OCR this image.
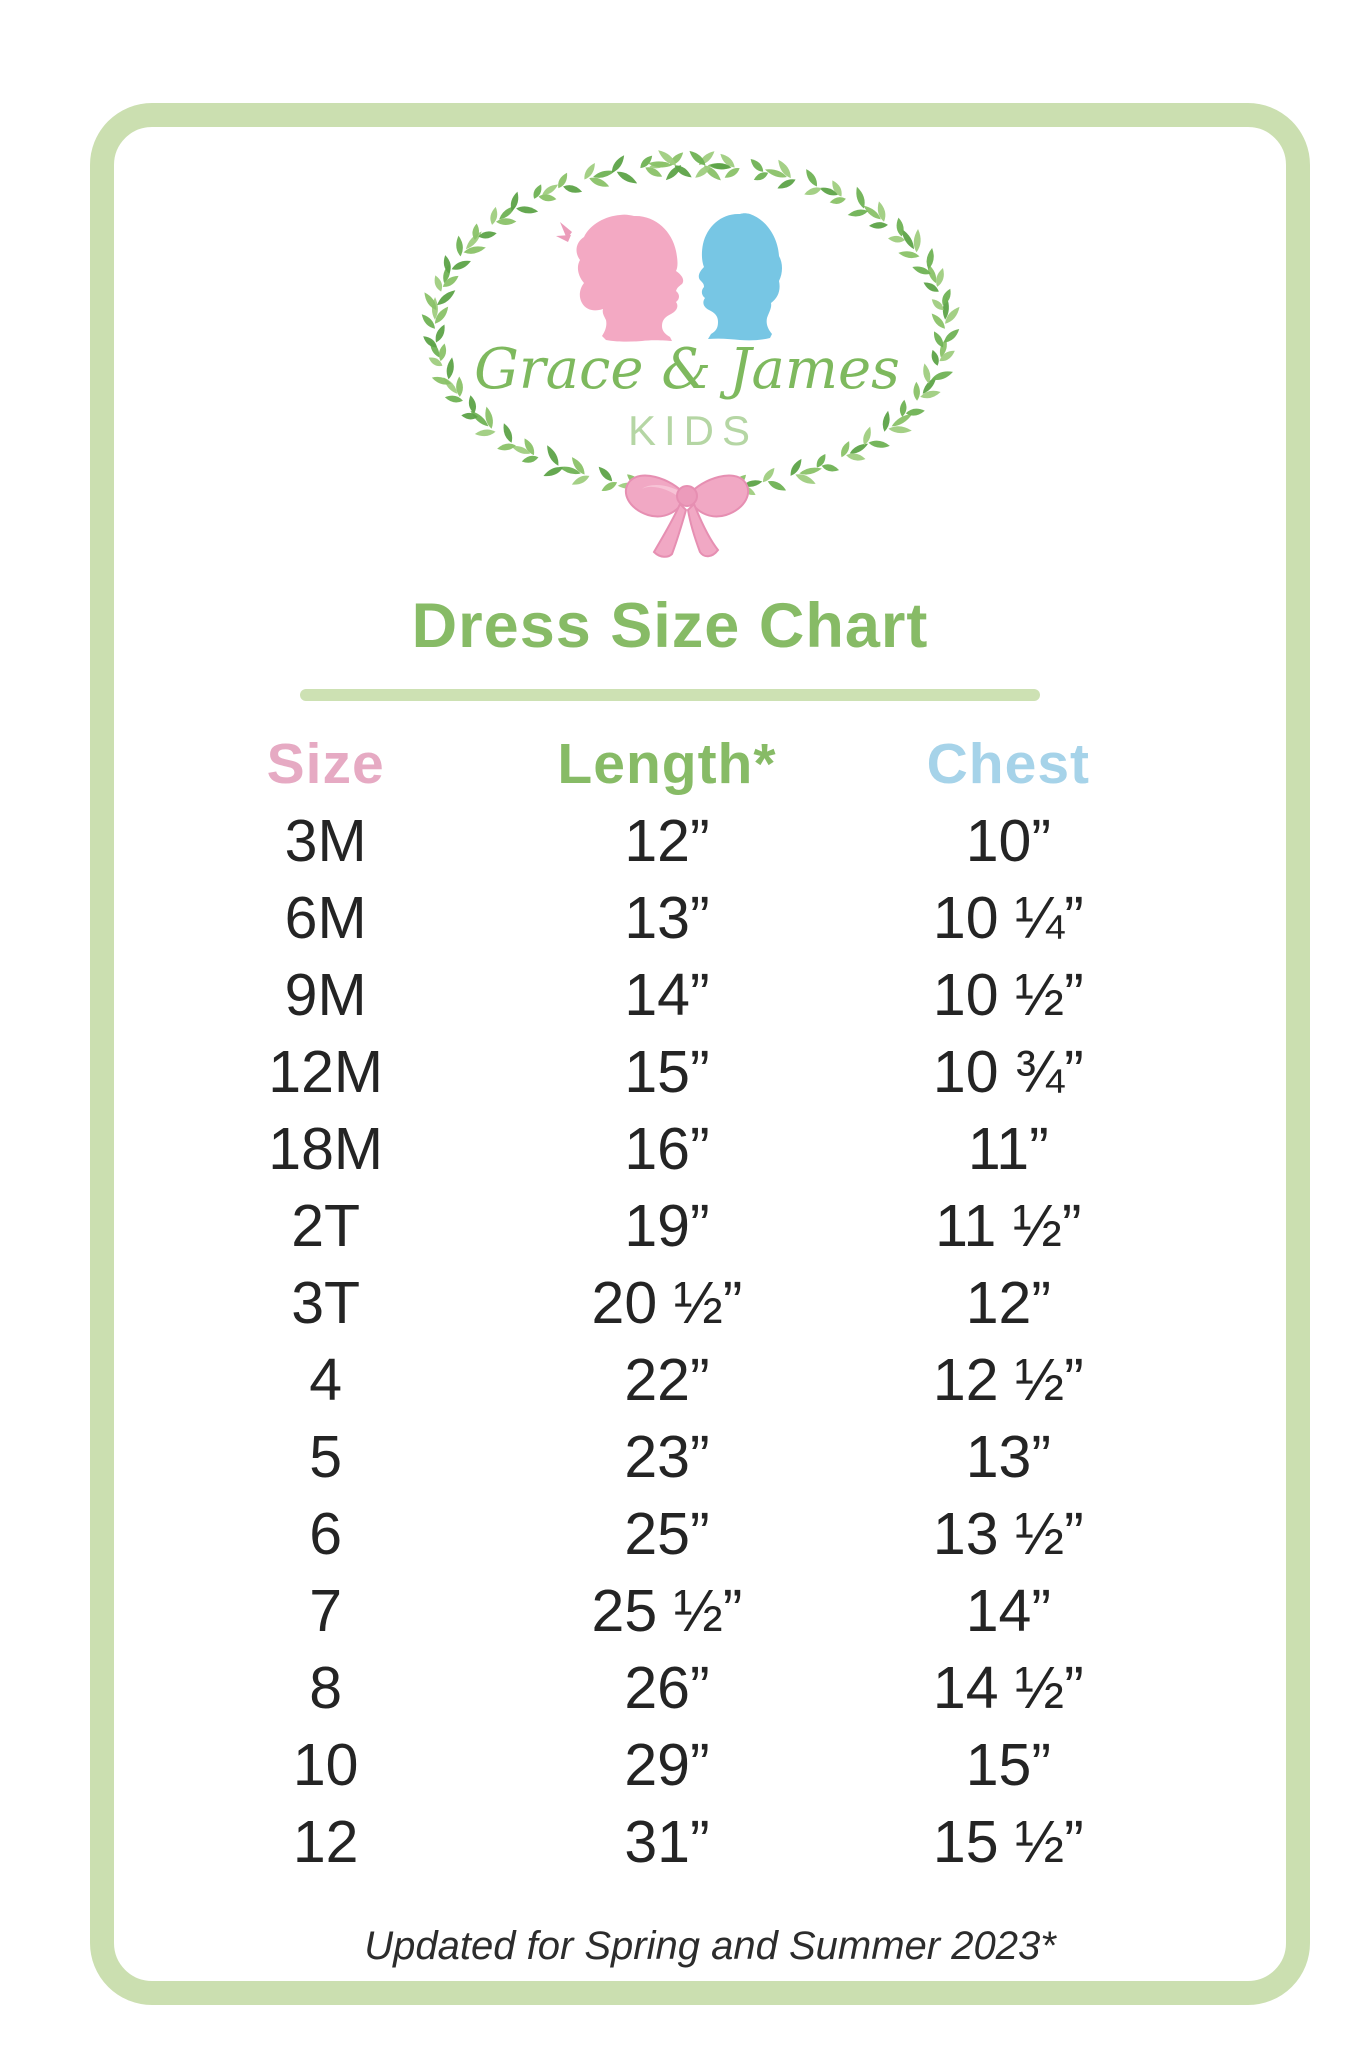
Grace & James
KIDS
Dress Size Chart
Size	Length*	Chest
3M	12”	10”
6M	13”	10 ¼”
9M	14”	10 ½”
12M	15”	10 ¾”
18M	16”	11”
2T	19”	11 ½”
3T	20 ½”	12”
4	22”	12 ½”
5	23”	13”
6	25”	13 ½”
7	25 ½”	14”
8	26”	14 ½”
10	29”	15”
12	31”	15 ½”
Updated for Spring and Summer 2023*
